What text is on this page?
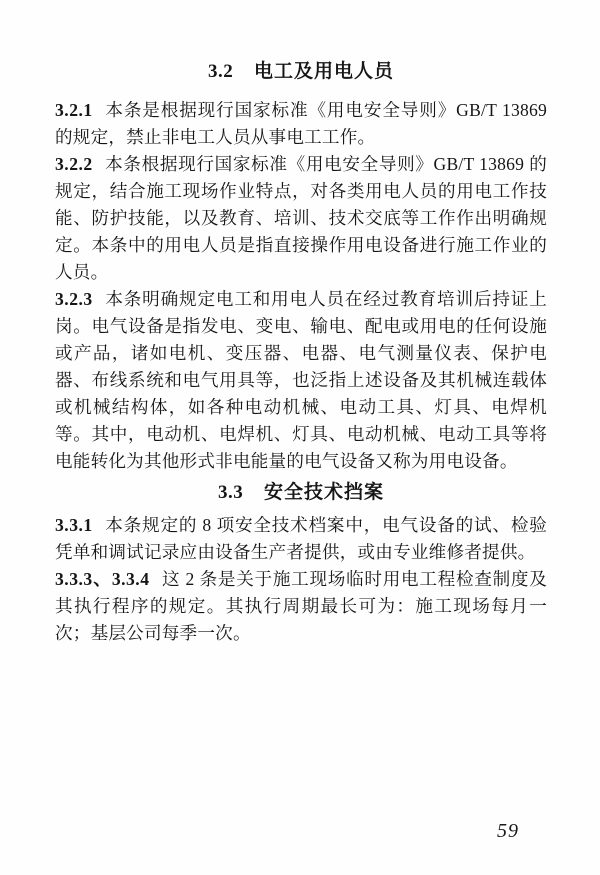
3.2 电工及用电人员

3.2.1 本条是根据现行国家标准《用电安全导则》GB/T 13869 的规定，禁止非电工人员从事电工工作。

3.2.2 本条根据现行国家标准《用电安全导则》GB/T 13869 的规定，结合施工现场作业特点，对各类用电人员的用电工作技能、防护技能，以及教育、培训、技术交底等工作作出明确规定。本条中的用电人员是指直接操作用电设备进行施工作业的人员。

3.2.3 本条明确规定电工和用电人员在经过教育培训后持证上岗。电气设备是指发电、变电、输电、配电或用电的任何设施或产品，诸如电机、变压器、电器、电气测量仪表、保护电器、布线系统和电气用具等，也泛指上述设备及其机械连载体或机械结构体，如各种电动机械、电动工具、灯具、电焊机等。其中，电动机、电焊机、灯具、电动机械、电动工具等将电能转化为其他形式非电能量的电气设备又称为用电设备。

3.3 安全技术挡案

3.3.1 本条规定的 8 项安全技术档案中，电气设备的试、检验凭单和调试记录应由设备生产者提供，或由专业维修者提供。

3.3.3、3.3.4 这 2 条是关于施工现场临时用电工程检查制度及其执行程序的规定。其执行周期最长可为：施工现场每月一次；基层公司每季一次。

59
